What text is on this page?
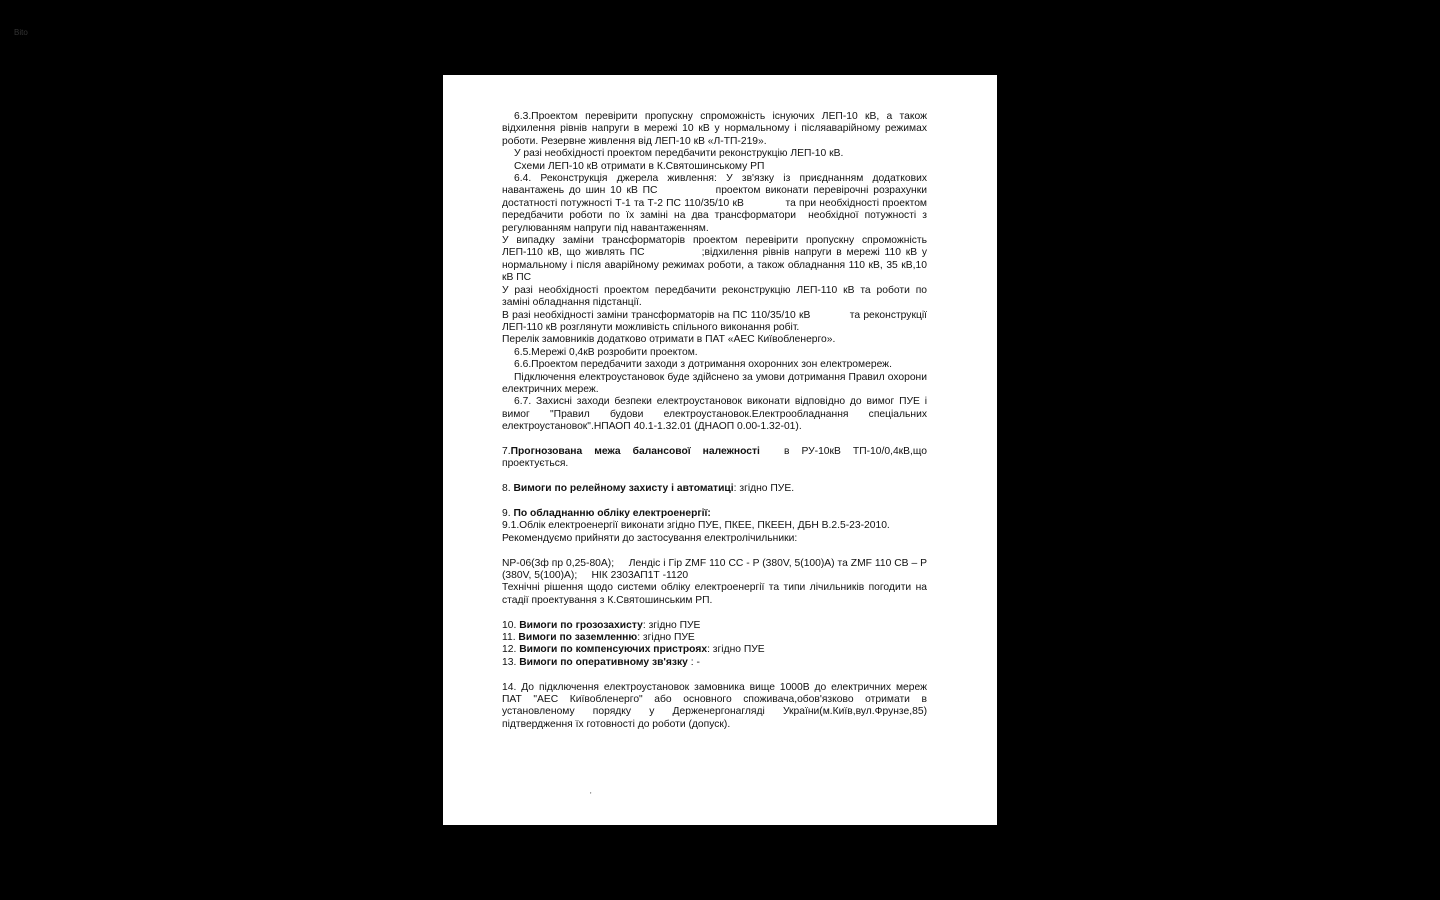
Bito

6.3.Проектом перевірити пропускну спроможність існуючих ЛЕП-10 кВ, а також відхилення рівнів напруги в мережі 10 кВ у нормальному і післяаварійному режимах роботи. Резервне живлення від ЛЕП-10 кВ «Л-ТП-219».

У разі необхідності проектом передбачити реконструкцію ЛЕП-10 кВ.

Схеми ЛЕП-10 кВ отримати в К.Святошинському РП

6.4. Реконструкція джерела живлення: У зв'язку із приєднанням додаткових навантажень до шин 10 кВ ПС            проектом виконати перевірочні розрахунки достатності потужності Т-1 та Т-2 ПС 110/35/10 кВ             та при необхідності проектом передбачити роботи по їх заміні на два трансформатори  необхідної потужності з регулюванням напруги під навантаженням.

У випадку заміни трансформаторів проектом перевірити пропускну спроможність ЛЕП-110 кВ, що живлять ПС            ;відхилення рівнів напруги в мережі 110 кВ у нормальному і після аварійному режимах роботи, а також обладнання 110 кВ, 35 кВ,10 кВ ПС

У разі необхідності проектом передбачити реконструкцію ЛЕП-110 кВ та роботи по заміні обладнання підстанції.

В разі необхідності заміни трансформаторів на ПС 110/35/10 кВ            та реконструкції ЛЕП-110 кВ розглянути можливість спільного виконання робіт.

Перелік замовників додатково отримати в ПАТ «АЕС Київобленерго».

6.5.Мережі 0,4кВ розробити проектом.

6.6.Проектом передбачити заходи з дотримання охоронних зон електромереж.

Підключення електроустановок буде здійснено за умови дотримання Правил охорони електричних мереж.

6.7. Захисні заходи безпеки електроустановок виконати відповідно до вимог ПУЕ і вимог "Правил будови електроустановок.Електрообладнання спеціальних електроустановок".НПАОП 40.1-1.32.01 (ДНАОП 0.00-1.32-01).

7.Прогнозована межа балансової належності  в РУ-10кВ ТП-10/0,4кВ,що проектується.

8. Вимоги по релейному захисту і автоматиці: згідно ПУЕ.

9. По обладнанню обліку електроенергії:

9.1.Облік електроенергії виконати згідно ПУЕ, ПКЕЕ, ПКЕЕН, ДБН В.2.5-23-2010.

Рекомендуємо прийняти до застосування електролічильники:

NP-06(3ф пр 0,25-80А);     Лендіс і Гір ZMF 110 CC - P (380V, 5(100)A) та ZMF 110 CB – P (380V, 5(100)A);     НІК 2303АП1Т -1120

Технічні рішення щодо системи обліку електроенергії та типи лічильників погодити на стадії проектування з К.Святошинським РП.

10. Вимоги по грозозахисту: згідно ПУЕ

11. Вимоги по заземленню: згідно ПУЕ

12. Вимоги по компенсуючих пристроях: згідно ПУЕ

13. Вимоги по оперативному зв'язку : -

14. До підключення електроустановок замовника вище 1000В до електричних мереж ПАТ "АЕС Київобленерго" або основного споживача,обов'язково отримати в установленому порядку у Держенергонагляді України(м.Київ,вул.Фрунзе,85) підтвердження їх готовності до роботи (допуск).

'
